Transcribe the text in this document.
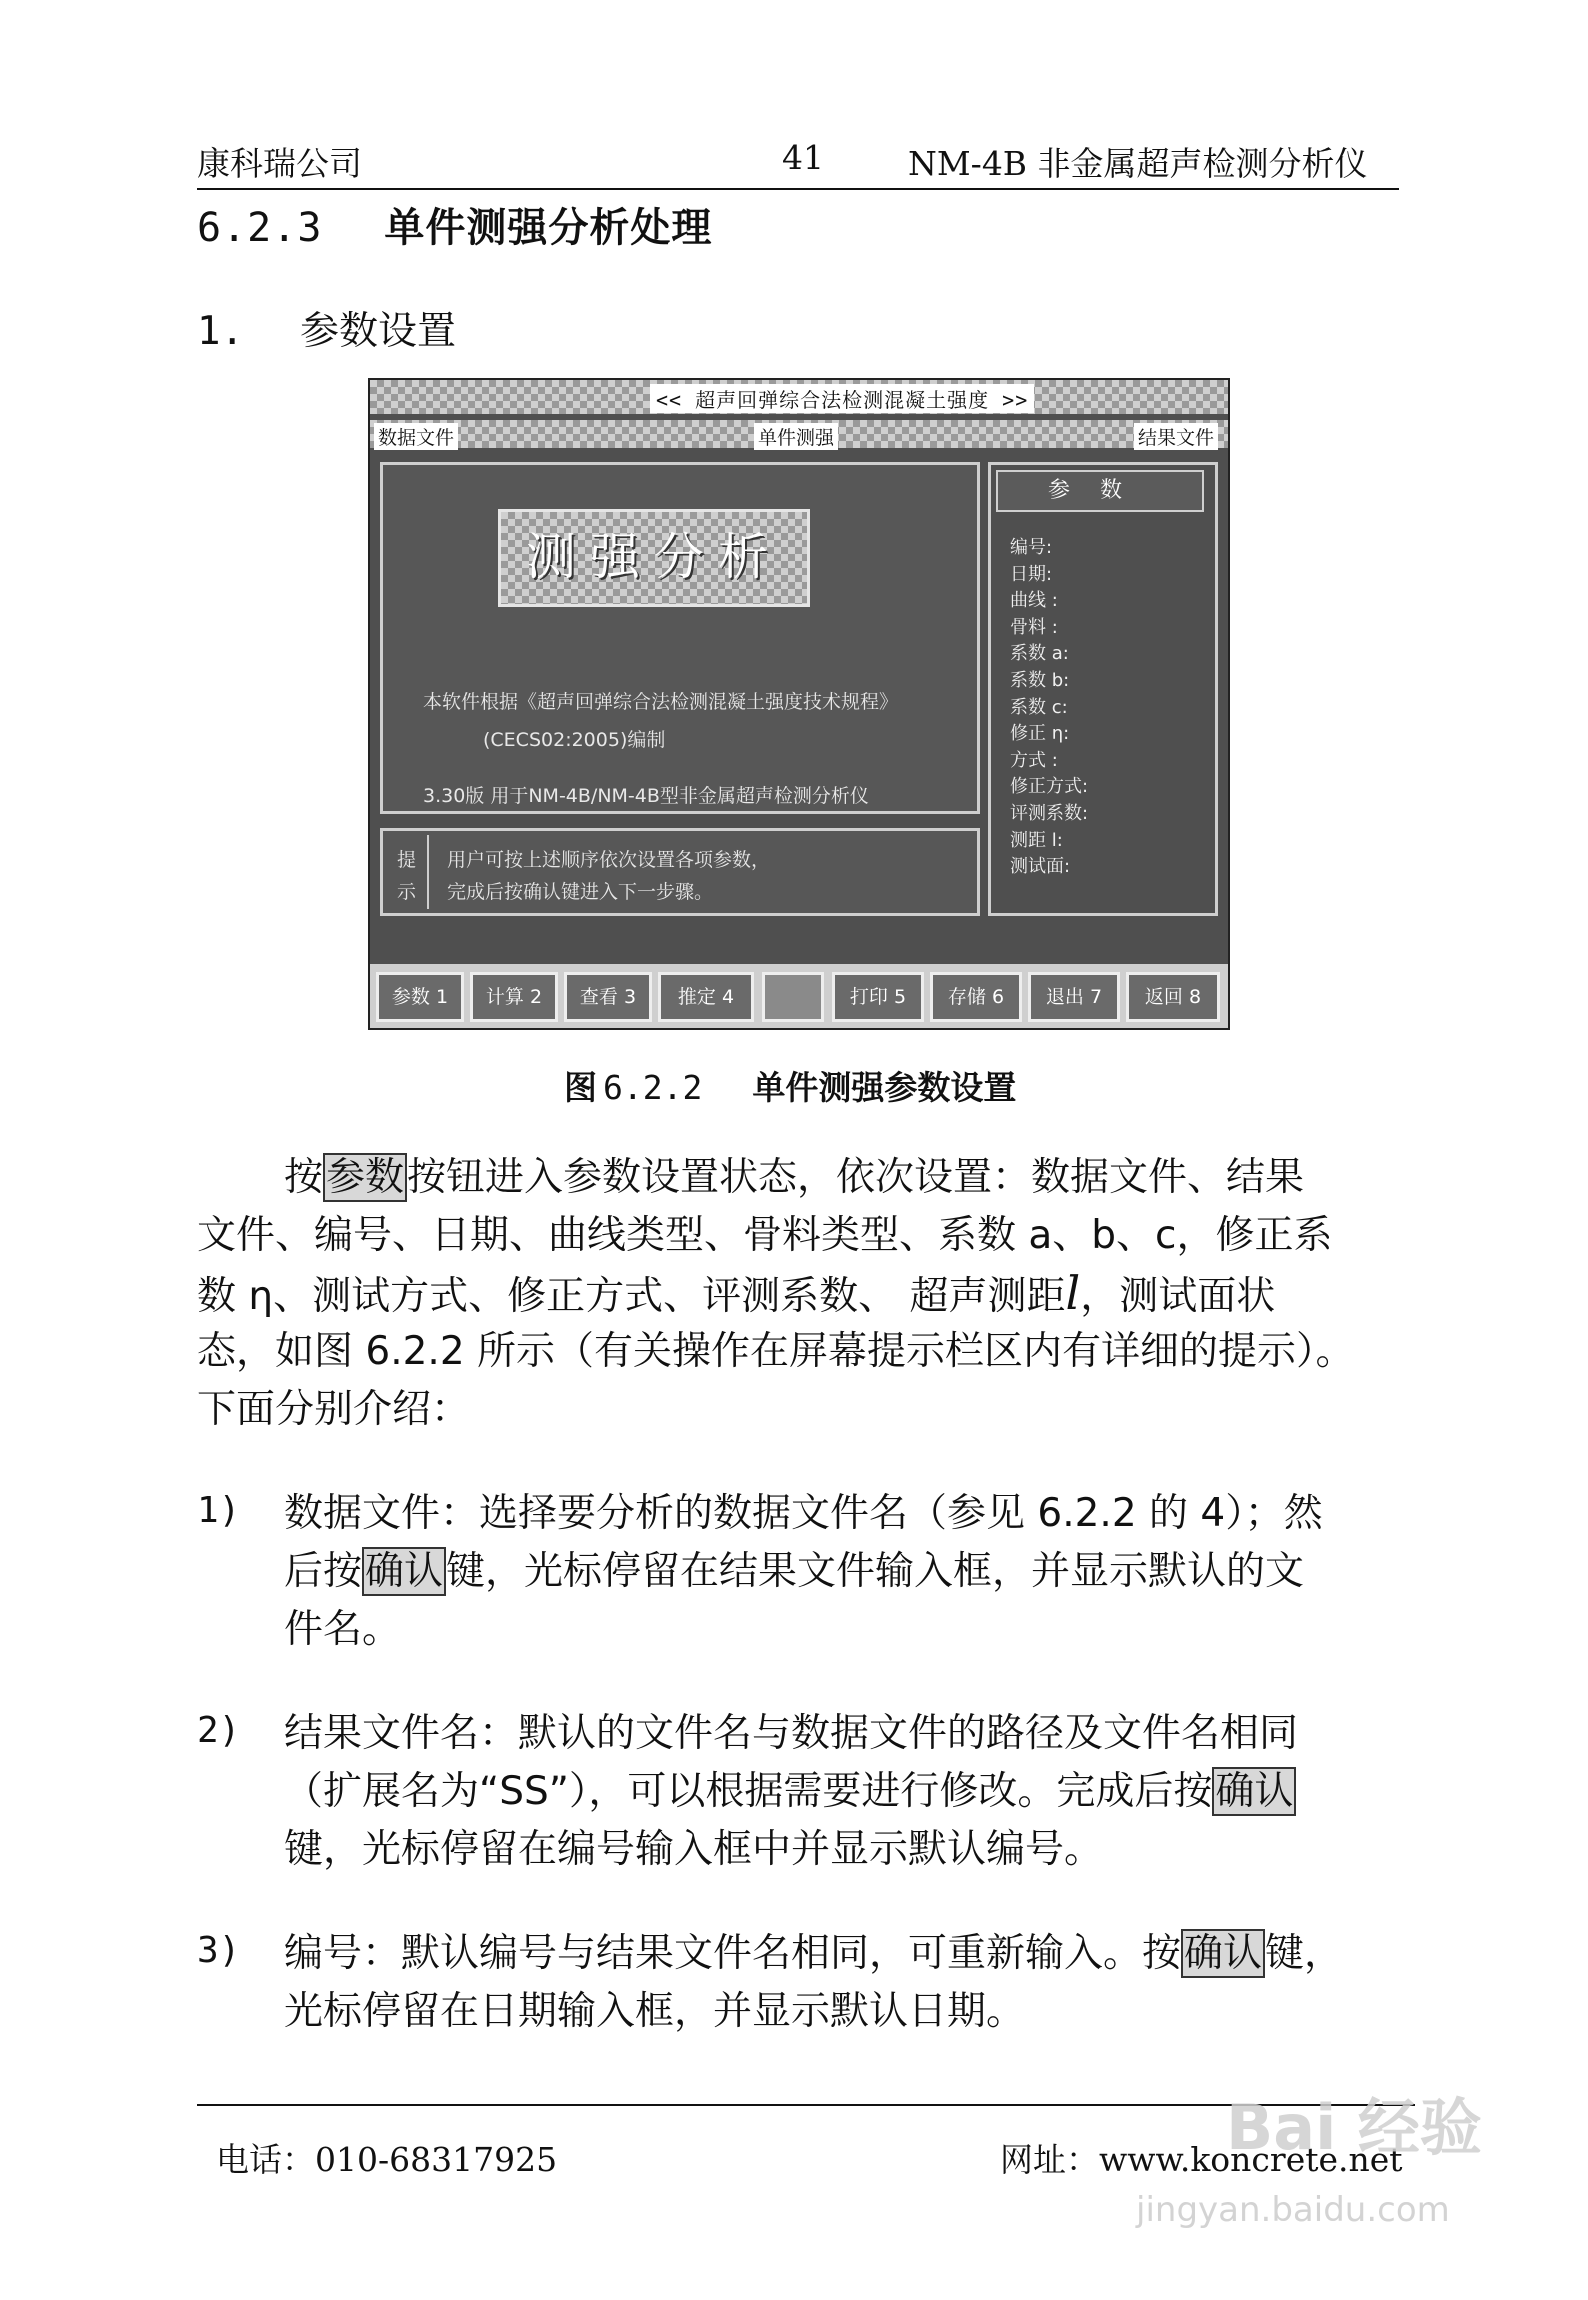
康科瑞公司	41	NM-4B 非金属超声检测分析仪
6.2.3 单件测强分析处理
1. 参数设置
<< 超声回弹综合法检测混凝土强度 >>
数据文件	单件测强	结果文件
测强分析
本软件根据《超声回弹综合法检测混凝土强度技术规程》
(CECS02:2005)编制
3.30版 用于NM-4B/NM-4B型非金属超声检测分析仪
提
示
用户可按上述顺序依次设置各项参数，
完成后按确认键进入下一步骤。
参数
编号:
日期:
曲线 :
骨料 :
系数 a:
系数 b:
系数 c:
修正 η:
方式 :
修正方式:
评测系数:
测距 l:
测试面:
参数 1	计算 2	查看 3	推定 4	打印 5	存储 6	退出 7	返回 8
图 6.2.2 单件测强参数设置
按参数按钮进入参数设置状态，依次设置：数据文件、结果
文件、编号、日期、曲线类型、骨料类型、系数 a、b、c，修正系
数 η、测试方式、修正方式、评测系数、 超声测距l，测试面状
态，如图 6.2.2 所示（有关操作在屏幕提示栏区内有详细的提示）。
下面分别介绍：
1) 数据文件：选择要分析的数据文件名（参见 6.2.2 的 4）；然
后按确认键，光标停留在结果文件输入框，并显示默认的文
件名。
2) 结果文件名：默认的文件名与数据文件的路径及文件名相同
（扩展名为“SS”），可以根据需要进行修改。完成后按确认
键，光标停留在编号输入框中并显示默认编号。
3) 编号：默认编号与结果文件名相同，可重新输入。按确认键，
光标停留在日期输入框，并显示默认日期。
电话：010-68317925	网址：www.koncrete.net
Bai 经验
jingyan.baidu.com
